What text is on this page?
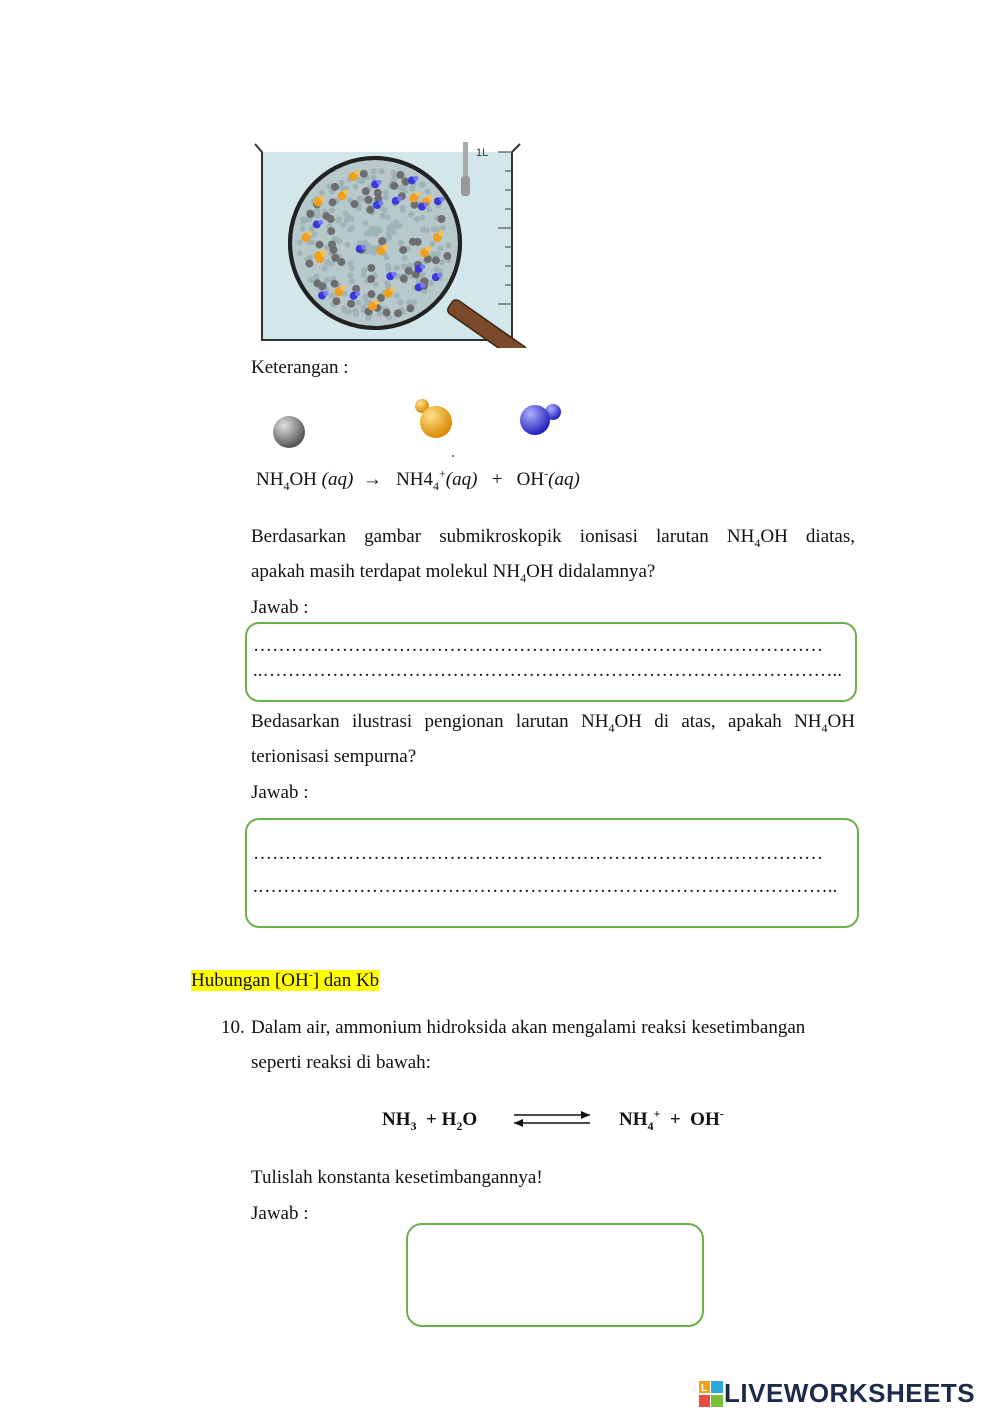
1L
Keterangan :
$NH_4OH$ $(aq) \to NH4_4^+(aq) + OH^-(aq)$
Berdasarkan gambar submikroskopik ionisasi larutan $NH_4OH$ diatas,
apakah masih terdapat molekul $NH_4OH$ didalamnya?
Jawab :
………………………………………………………………………………
..………………………………………………………………………………..
Bedasarkan ilustrasi pengionan larutan $NH_4OH$ di atas, apakah $NH_4OH$
terionisasi sempurna?
Jawab :
………………………………………………………………………………
.………………………………………………………………………………..
Hubungan [OH-] dan Kb
10. Dalam air, ammonium hidroksida akan mengalami reaksi kesetimbangan
seperti reaksi di bawah:
$NH_3 + H_2O$	$NH_4^+ + OH^-$
Tulislah konstanta kesetimbangannya!
Jawab :
L LIVEWORKSHEETS
